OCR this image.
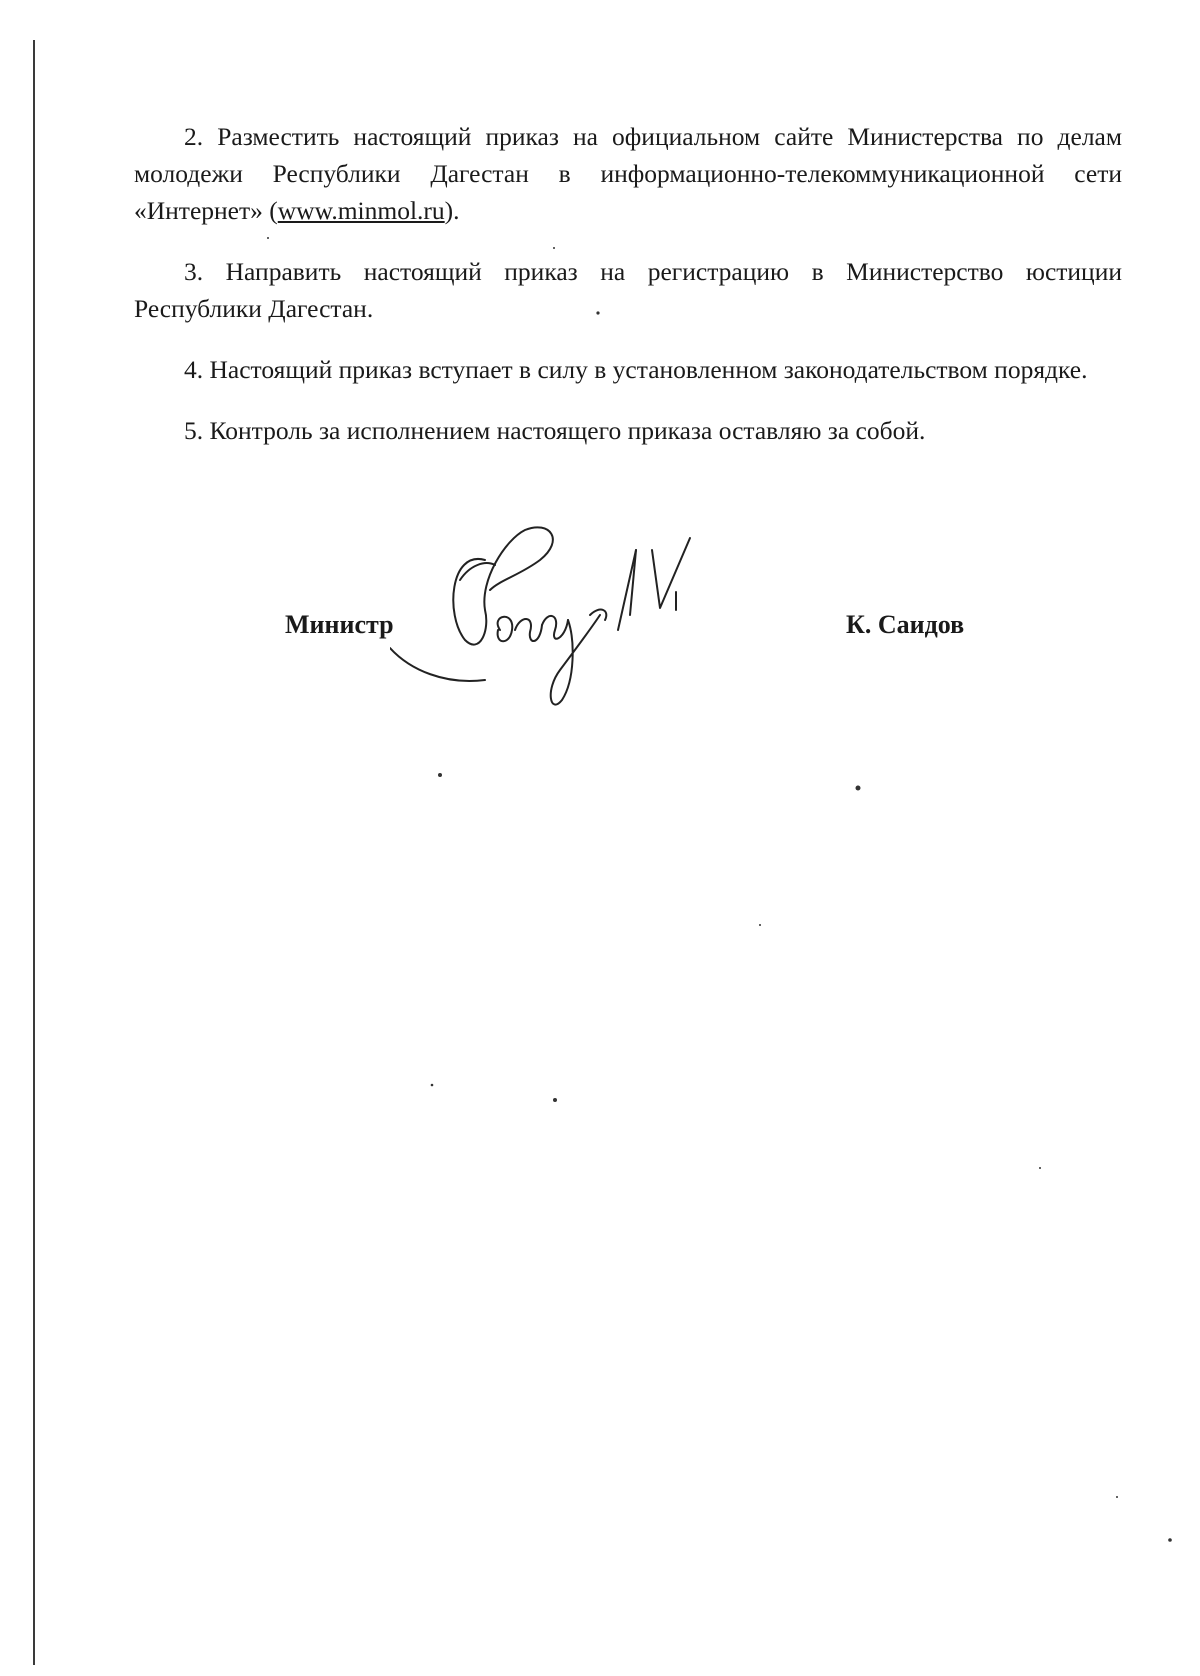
2. Разместить настоящий приказ на официальном сайте Министерства по делам молодежи Республики Дагестан в информационно-телекоммуникационной сети «Интернет» (www.minmol.ru).

3. Направить настоящий приказ на регистрацию в Министерство юстиции Республики Дагестан.

4. Настоящий приказ вступает в силу в установленном законодательством порядке.

5. Контроль за исполнением настоящего приказа оставляю за собой.

Министр	К. Саидов
